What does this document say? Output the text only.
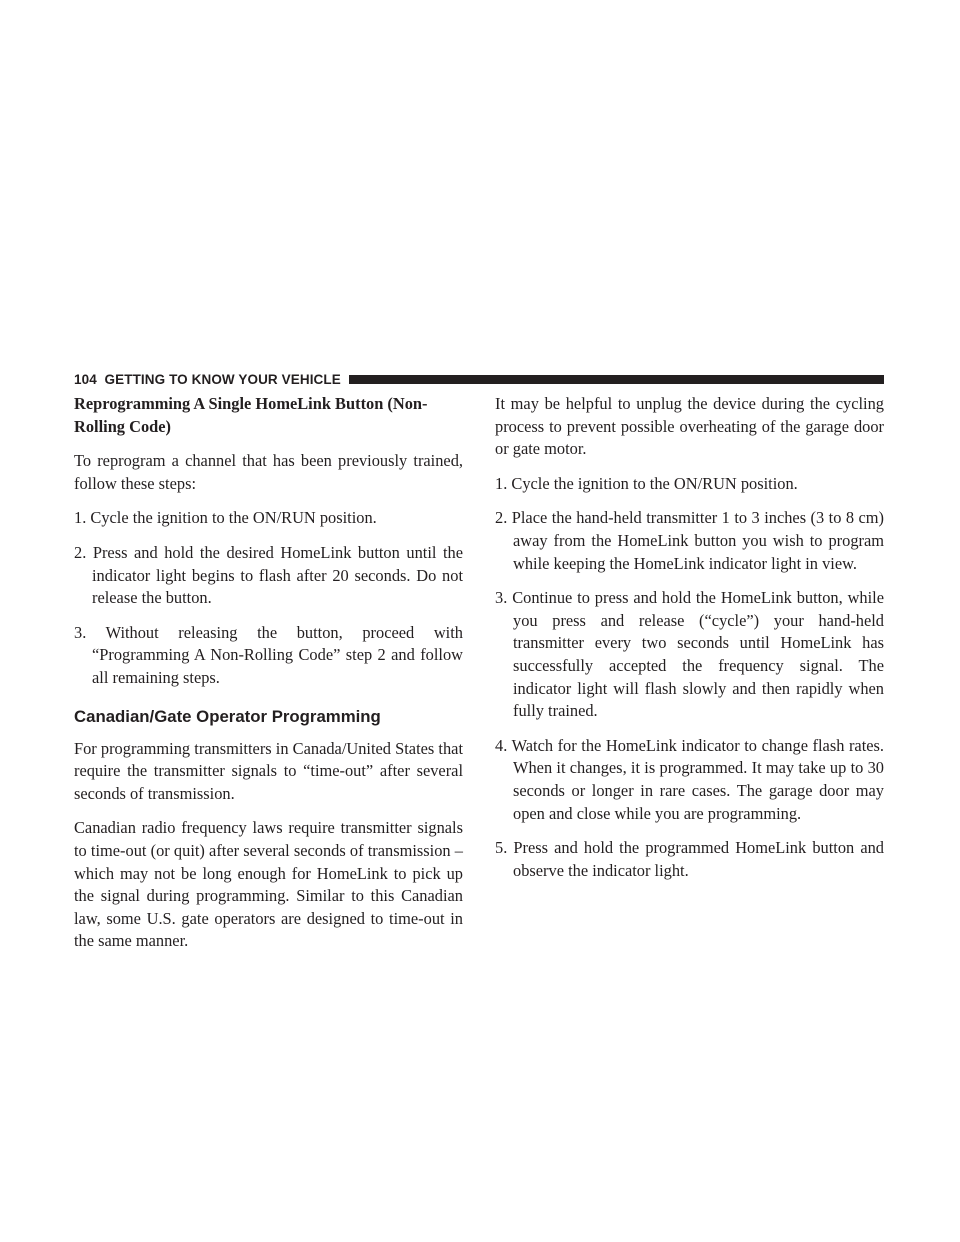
104 GETTING TO KNOW YOUR VEHICLE

Reprogramming A Single HomeLink Button (Non-Rolling Code)

To reprogram a channel that has been previously trained, follow these steps:

1. Cycle the ignition to the ON/RUN position.
2. Press and hold the desired HomeLink button until the indicator light begins to flash after 20 seconds. Do not release the button.
3. Without releasing the button, proceed with “Programming A Non-Rolling Code” step 2 and follow all remaining steps.
Canadian/Gate Operator Programming

For programming transmitters in Canada/United States that require the transmitter signals to “time-out” after several seconds of transmission.

Canadian radio frequency laws require transmitter signals to time-out (or quit) after several seconds of transmission – which may not be long enough for HomeLink to pick up the signal during programming. Similar to this Canadian law, some U.S. gate operators are designed to time-out in the same manner.

It may be helpful to unplug the device during the cycling process to prevent possible overheating of the garage door or gate motor.

1. Cycle the ignition to the ON/RUN position.
2. Place the hand-held transmitter 1 to 3 inches (3 to 8 cm) away from the HomeLink button you wish to program while keeping the HomeLink indicator light in view.
3. Continue to press and hold the HomeLink button, while you press and release (“cycle”) your hand-held transmitter every two seconds until HomeLink has successfully accepted the frequency signal. The indicator light will flash slowly and then rapidly when fully trained.
4. Watch for the HomeLink indicator to change flash rates. When it changes, it is programmed. It may take up to 30 seconds or longer in rare cases. The garage door may open and close while you are programming.
5. Press and hold the programmed HomeLink button and observe the indicator light.
